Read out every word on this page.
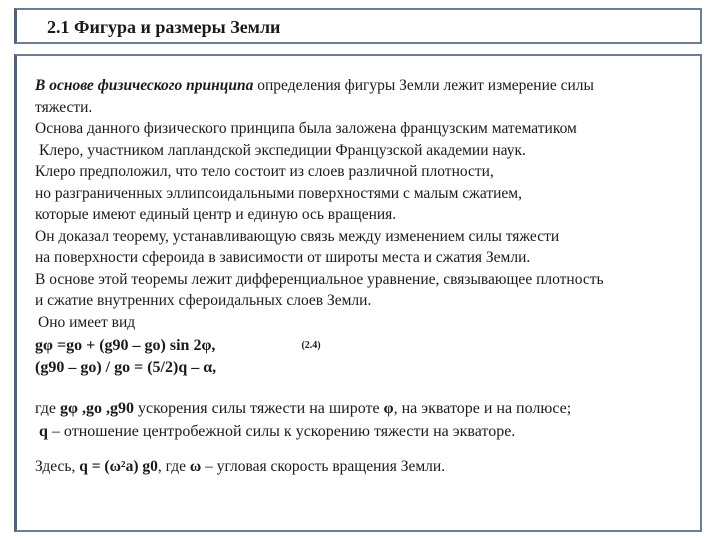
2.1 Фигура и размеры Земли
В основе физического принципа определения фигуры Земли лежит измерение силы
тяжести.
Основа данного физического принципа была заложена французским математиком
Клеро, участником лапландской экспедиции Французской академии наук.
Клеро предположил, что тело состоит из слоев различной плотности,
но разграниченных эллипсоидальными поверхностями с малым сжатием,
которые имеют единый центр и единую ось вращения.
Он доказал теорему, устанавливающую связь между изменением силы тяжести
на поверхности сфероида в зависимости от широты места и сжатия Земли.
В основе этой теоремы лежит дифференциальное уравнение, связывающее плотность
и сжатие внутренних сфероидальных слоев Земли.
Оно имеет вид
gφ =gо + (g90 – gо) sin 2φ,	(2.4)
(g90 – gо) / gо = (5/2)q – α,
где gφ ,gо ,g90 ускорения силы тяжести на широте φ, на экваторе и на полюсе;
q – отношение центробежной силы к ускорению тяжести на экваторе.
Здесь, q = (ω²a) g0, где ω – угловая скорость вращения Земли.
